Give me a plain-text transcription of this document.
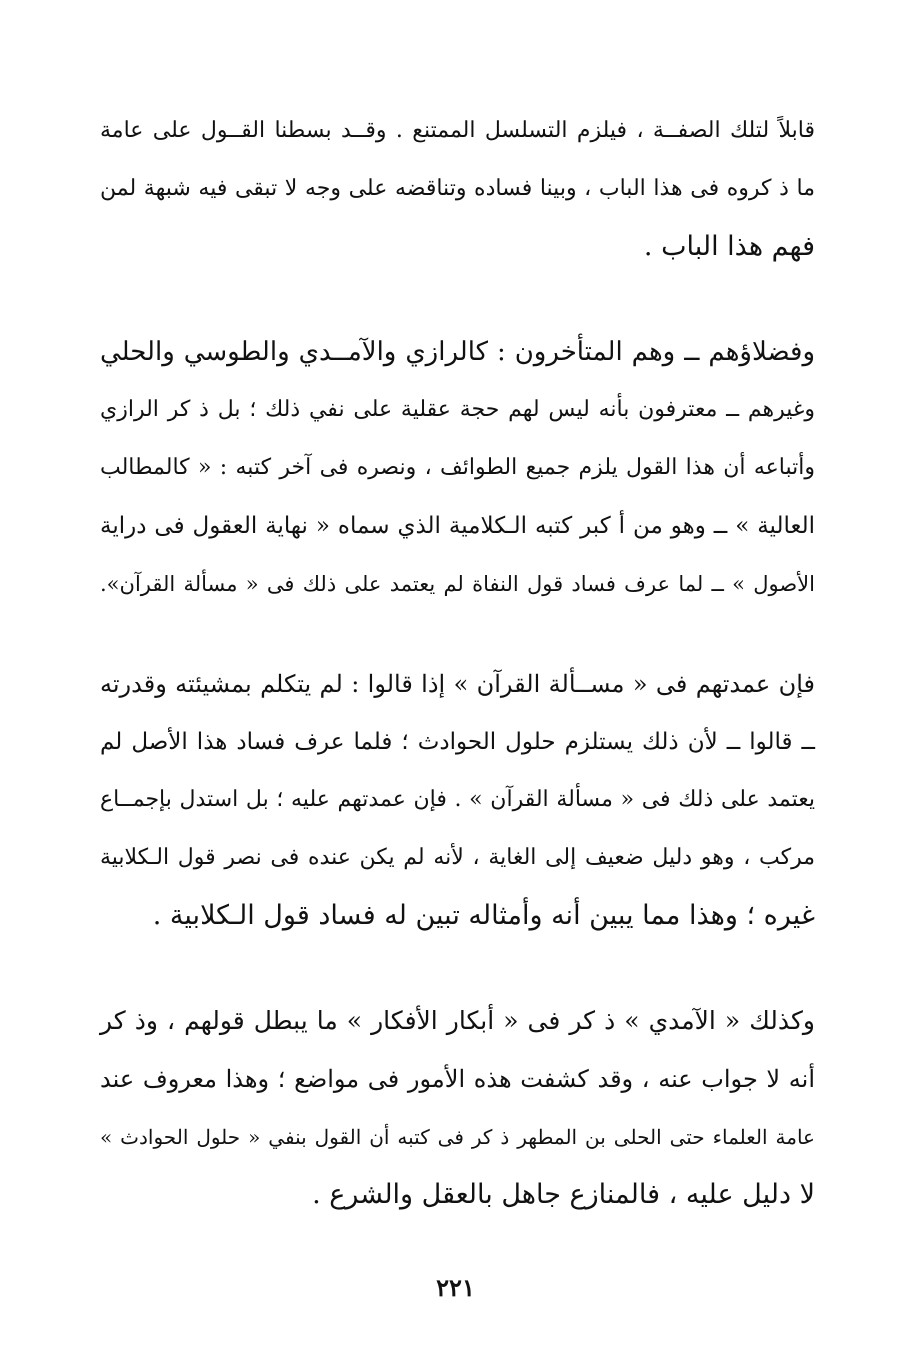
قابلاً لتلك الصفــة ، فيلزم التسلسل الممتنع . وقــد بسطنا القــول على عامة
ما ذ كروه فى هذا الباب ، وبينا فساده وتناقضه على وجه لا تبقى فيه شبهة لمن
فهم هذا الباب .
وفضلاؤهم ــ وهم المتأخرون : كالرازي والآمــدي والطوسي والحلي
وغيرهم ــ معترفون بأنه ليس لهم حجة عقلية على نفي ذلك ؛ بل ذ كر الرازي
وأتباعه أن هذا القول يلزم جميع الطوائف ، ونصره فى آخر كتبه : « كالمطالب
العالية » ــ وهو من أ كبر كتبه الـكلامية الذي سماه « نهاية العقول فى دراية
الأصول » ــ لما عرف فساد قول النفاة لم يعتمد على ذلك فى « مسألة القرآن».
فإن عمدتهم فى « مســألة القرآن » إذا قالوا : لم يتكلم بمشيئته وقدرته
ــ قالوا ــ لأن ذلك يستلزم حلول الحوادث ؛ فلما عرف فساد هذا الأصل لم
يعتمد على ذلك فى « مسألة القرآن » . فإن عمدتهم عليه ؛ بل استدل بإجمــاع
مركب ، وهو دليل ضعيف إلى الغاية ، لأنه لم يكن عنده فى نصر قول الـكلابية
غيره ؛ وهذا مما يبين أنه وأمثاله تبين له فساد قول الـكلابية .
وكذلك « الآمدي » ذ كر فى « أبكار الأفكار » ما يبطل قولهم ، وذ كر
أنه لا جواب عنه ، وقد كشفت هذه الأمور فى مواضع ؛ وهذا معروف عند
عامة العلماء حتى الحلى بن المطهر ذ كر فى كتبه أن القول بنفي « حلول الحوادث »
لا دليل عليه ، فالمنازع جاهل بالعقل والشرع .
٢٢١
